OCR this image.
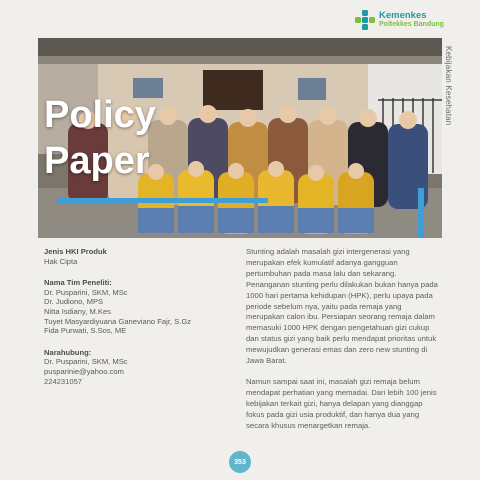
Kemenkes
Poltekkes Bandung
Policy
Paper
Kebijakan Kesehatan
Jenis HKI Produk
Hak Cipta
Nama Tim Peneliti:
Dr. Pusparini, SKM, MSc
Dr. Judiono, MPS
Nitta Isdiany, M.Kes
Tuyet Masyardiyuana Ganeviano Fajr, S.Gz
Fida Purwati, S.Sos, ME
Narahubung:
Dr. Pusparini, SKM, MSc
pusparinie@yahoo.com
224231057

Stunting adalah masalah gizi intergenerasi yang merupakan efek kumulatif adanya gangguan pertumbuhan pada masa lalu dan sekarang. Penanganan stunting perlu dilakukan bukan hanya pada 1000 hari pertama kehidupan (HPK), perlu upaya pada periode sebelum nya, yaitu pada remaja yang merupakan calon ibu. Persiapan seorang remaja dalam memasuki 1000 HPK dengan pengetahuan gizi cukup dan status gizi yang baik perlu mendapat prioritas untuk mewujudkan generasi emas dan zero new stunting di Jawa Barat.

Namun sampai saat ini, masalah gizi remaja belum mendapat perhatian yang memadai. Dari lebih 100 jenis kebijakan terkait gizi, hanya delapan yang dianggap fokus pada gizi usia produktif, dan hanya dua yang secara khusus menargetkan remaja.

353
